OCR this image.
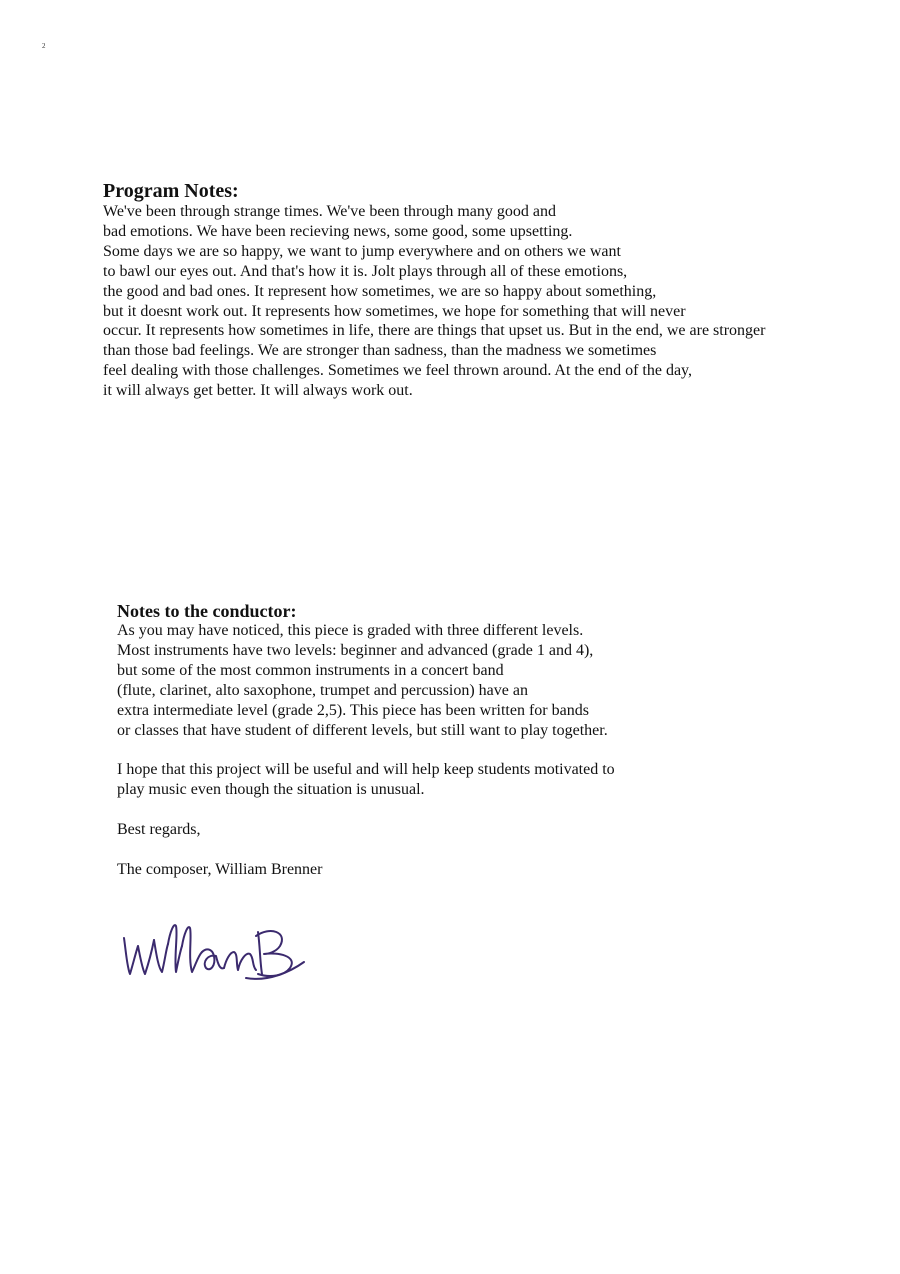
2

Program Notes:

We've been through strange times. We've been through many good and
bad emotions. We have been recieving news, some good, some upsetting.
Some days we are so happy, we want to jump everywhere and on others we want
to bawl our eyes out. And that's how it is. Jolt plays through all of these emotions,
the good and bad ones. It represent how sometimes, we are so happy about something,
but it doesnt work out. It represents how sometimes, we hope for something that will never
occur. It represents how sometimes in life, there are things that upset us. But in the end, we are stronger
than those bad feelings. We are stronger than sadness, than the madness we sometimes
feel dealing with those challenges. Sometimes we feel thrown around. At the end of the day,
it will always get better. It will always work out.

Notes to the conductor:

As you may have noticed, this piece is graded with three different levels.
Most instruments have two levels: beginner and advanced (grade 1 and 4),
but some of the most common instruments in a concert band
(flute, clarinet, alto saxophone, trumpet and percussion) have an
extra intermediate level (grade 2,5). This piece has been written for bands
or classes that have student of different levels, but still want to play together.
I hope that this project will be useful and will help keep students motivated to
play music even though the situation is unusual.
Best regards,
The composer, William Brenner
